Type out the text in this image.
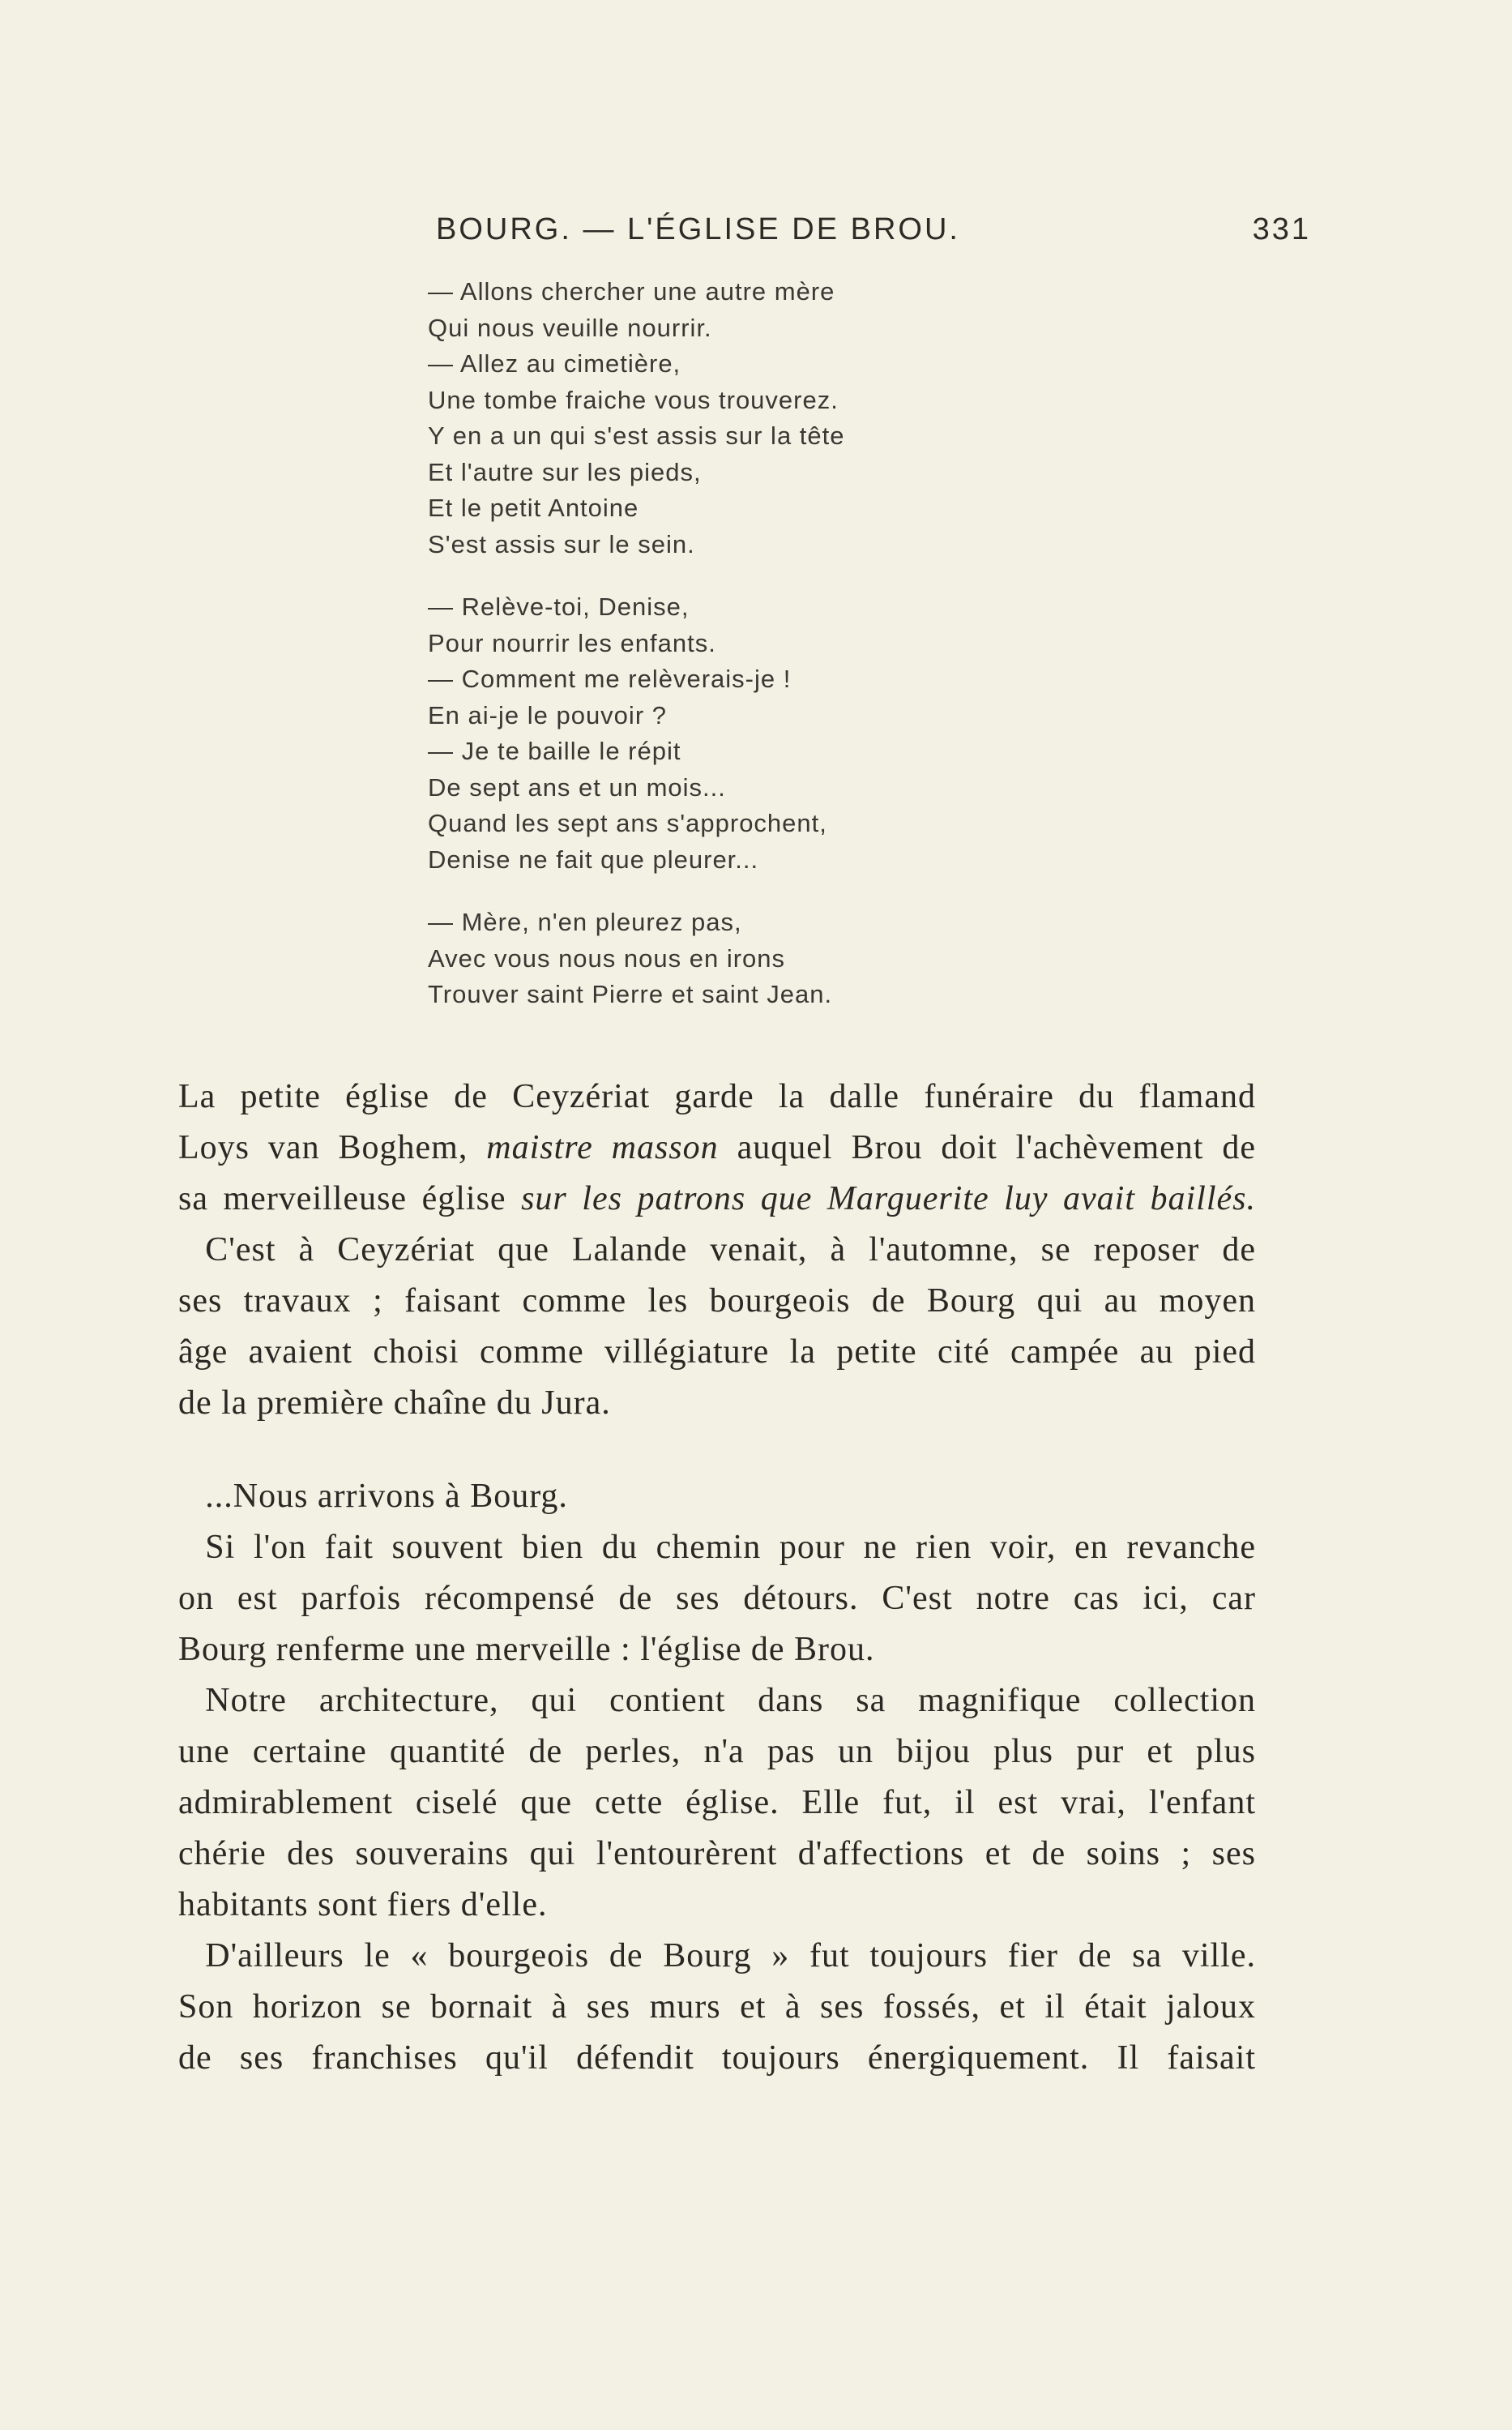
BOURG. — L'ÉGLISE DE BROU.	331
— Allons chercher une autre mère
Qui nous veuille nourrir.
— Allez au cimetière,
Une tombe fraiche vous trouverez.
Y en a un qui s'est assis sur la tête
Et l'autre sur les pieds,
Et le petit Antoine
S'est assis sur le sein.
— Relève-toi, Denise,
Pour nourrir les enfants.
— Comment me relèverais-je !
En ai-je le pouvoir ?
— Je te baille le répit
De sept ans et un mois...
Quand les sept ans s'approchent,
Denise ne fait que pleurer...
— Mère, n'en pleurez pas,
Avec vous nous nous en irons
Trouver saint Pierre et saint Jean.
La petite église de Ceyzériat garde la dalle funéraire du flamand
Loys van Boghem, maistre masson auquel Brou doit l'achèvement de
sa merveilleuse église sur les patrons que Marguerite luy avait baillés.
C'est à Ceyzériat que Lalande venait, à l'automne, se reposer de
ses travaux ; faisant comme les bourgeois de Bourg qui au moyen
âge avaient choisi comme villégiature la petite cité campée au pied
de la première chaîne du Jura.
...Nous arrivons à Bourg.
Si l'on fait souvent bien du chemin pour ne rien voir, en revanche
on est parfois récompensé de ses détours. C'est notre cas ici, car
Bourg renferme une merveille : l'église de Brou.
Notre architecture, qui contient dans sa magnifique collection
une certaine quantité de perles, n'a pas un bijou plus pur et plus
admirablement ciselé que cette église. Elle fut, il est vrai, l'enfant
chérie des souverains qui l'entourèrent d'affections et de soins ; ses
habitants sont fiers d'elle.
D'ailleurs le « bourgeois de Bourg » fut toujours fier de sa ville.
Son horizon se bornait à ses murs et à ses fossés, et il était jaloux
de ses franchises qu'il défendit toujours énergiquement. Il faisait
